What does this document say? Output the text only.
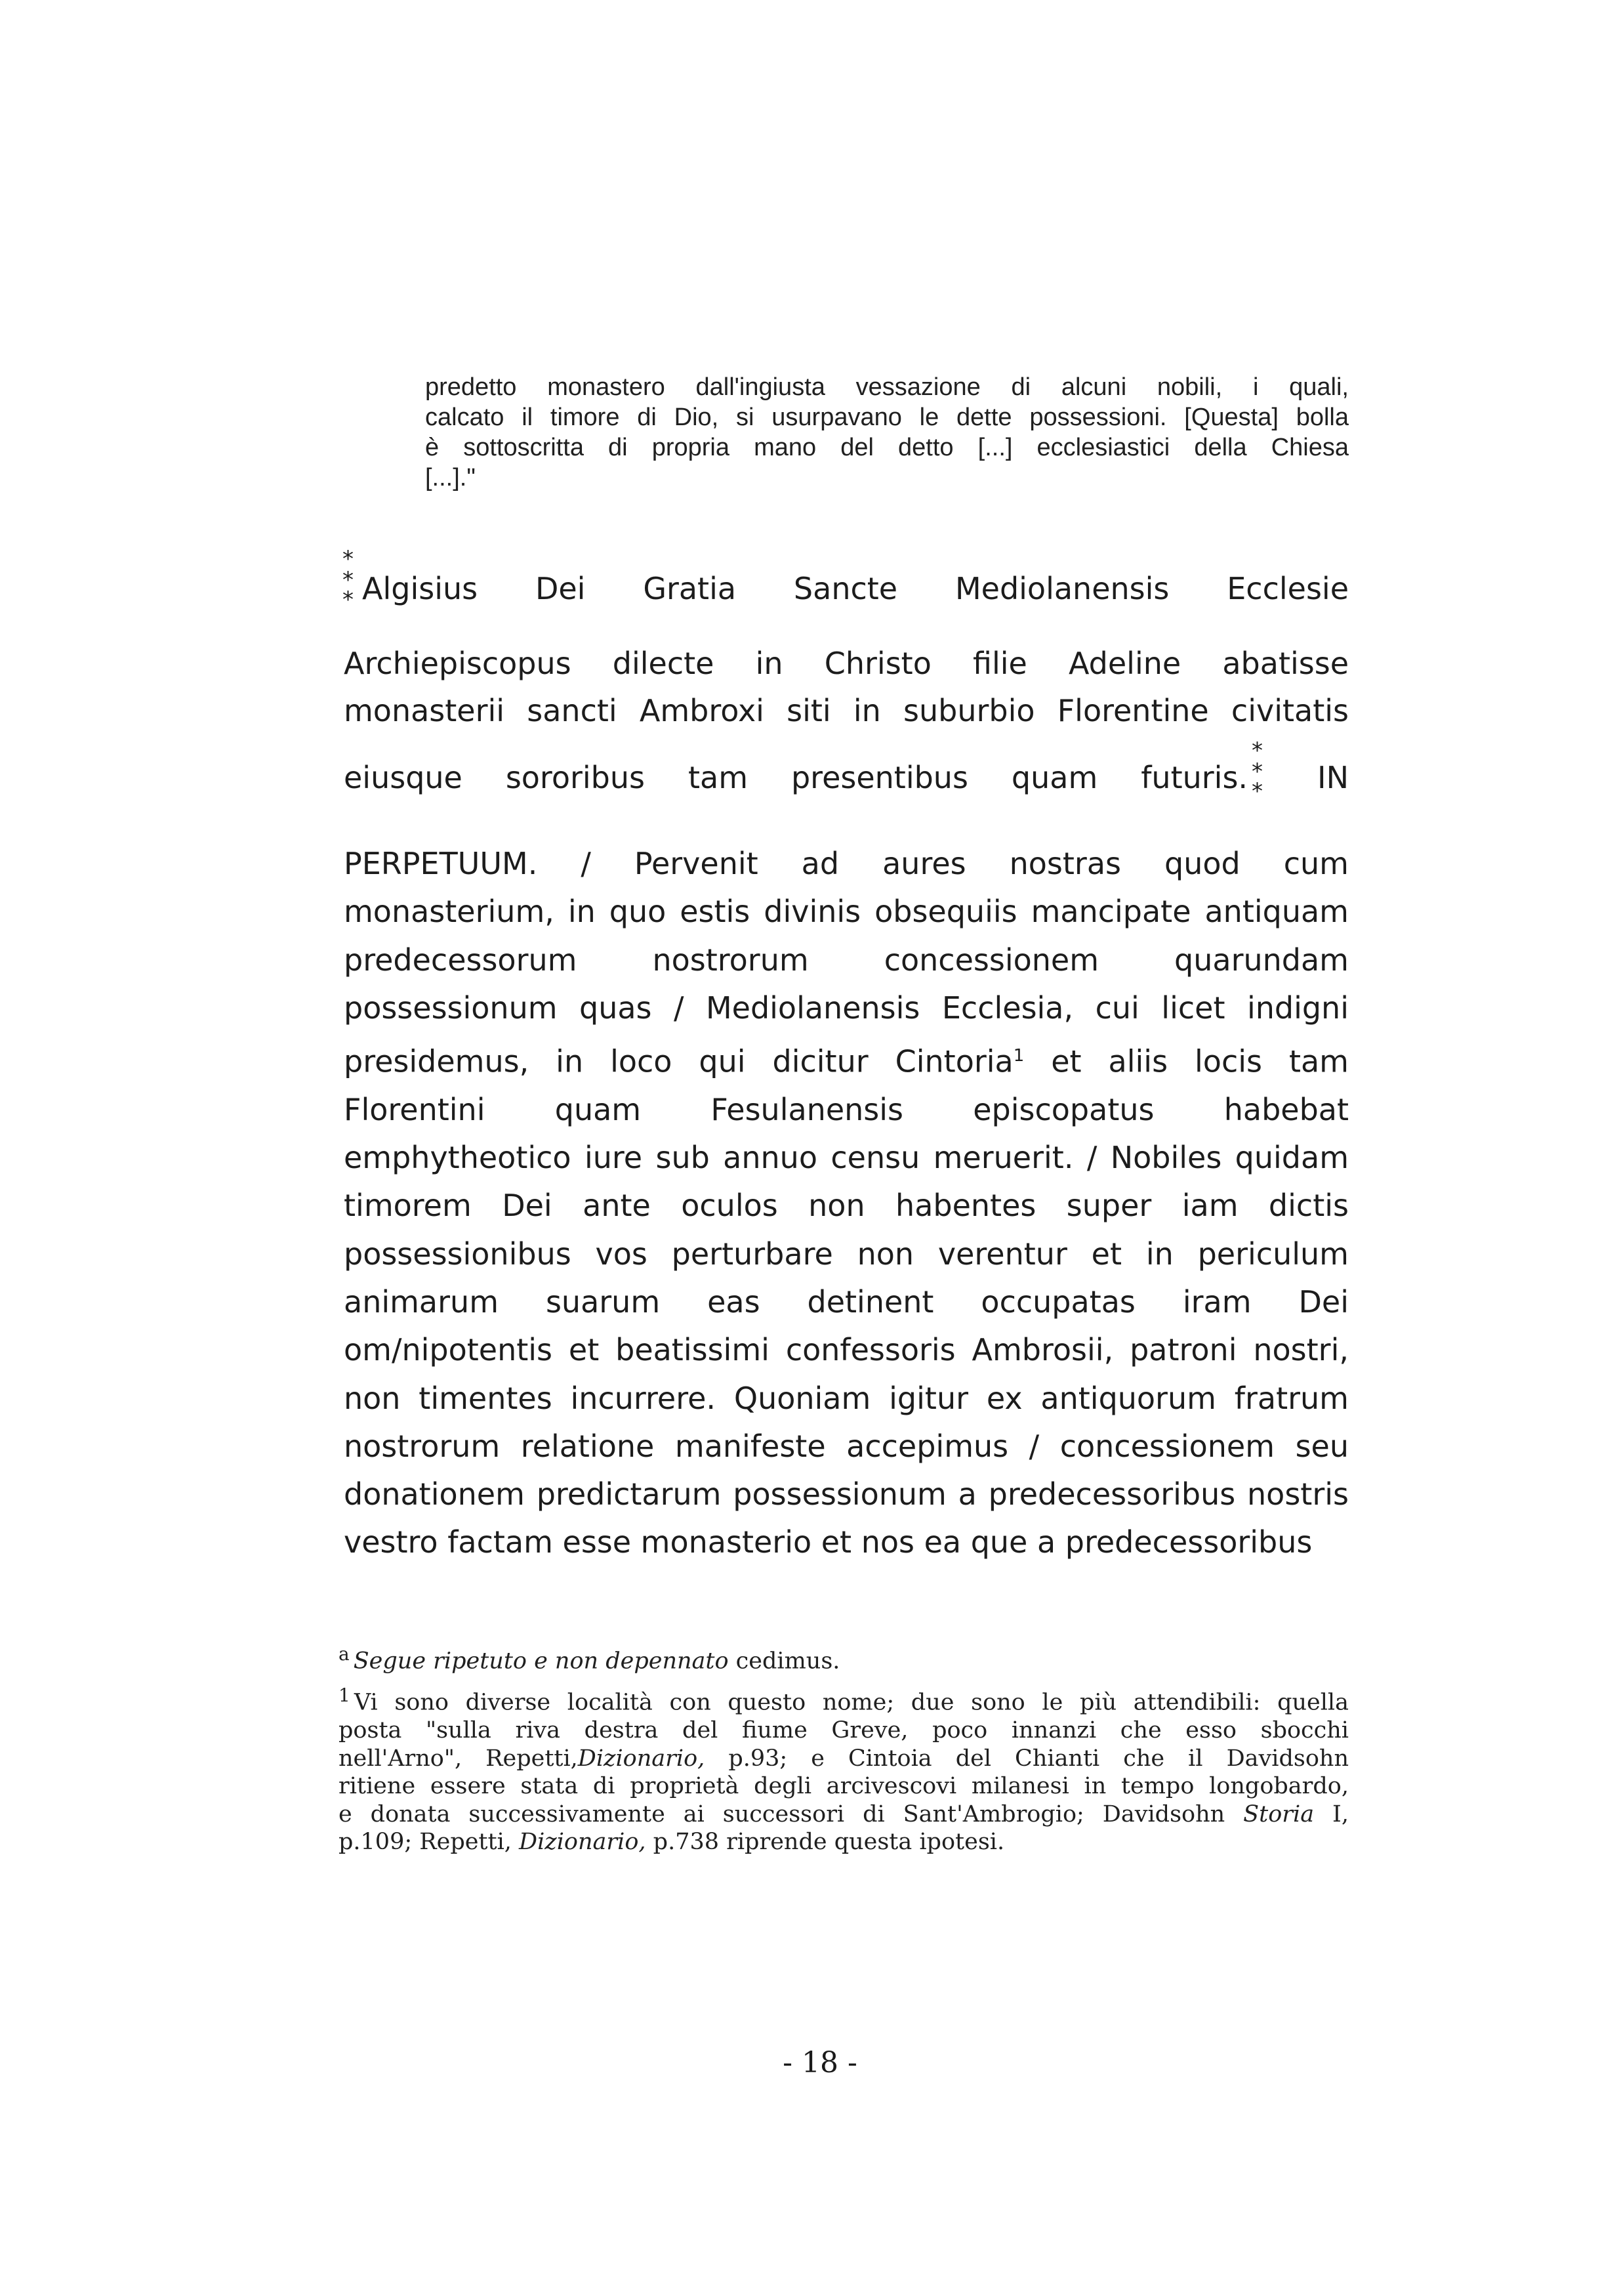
predetto monastero dall'ingiusta vessazione di alcuni nobili, i quali,
calcato il timore di Dio, si usurpavano le dette possessioni. [Questa] bolla
è sottoscritta di propria mano del detto [...] ecclesiastici della Chiesa
[...]."
*
*
* Algisius Dei Gratia Sancte Mediolanensis Ecclesie
Archiepiscopus dilecte in Christo filie Adeline abatisse
monasterii sancti Ambroxi siti in suburbio Florentine civitatis
eiusque sororibus tam presentibus quam futuris.
*
*
* IN
PERPETUUM. / Pervenit ad aures nostras quod cum
monasterium, in quo estis divinis obsequiis mancipate antiquam
predecessorum nostrorum concessionem quarundam
possessionum quas / Mediolanensis Ecclesia, cui licet indigni
presidemus, in loco qui dicitur Cintoria$^1$ et aliis locis tam
Florentini quam Fesulanensis episcopatus habebat
emphytheotico iure sub annuo censu meruerit. / Nobiles quidam
timorem Dei ante oculos non habentes super iam dictis
possessionibus vos perturbare non verentur et in periculum
animarum suarum eas detinent occupatas iram Dei
om/nipotentis et beatissimi confessoris Ambrosii, patroni nostri,
non timentes incurrere. Quoniam igitur ex antiquorum fratrum
nostrorum relatione manifeste accepimus / concessionem seu
donationem predictarum possessionum a predecessoribus nostris
vestro factam esse monasterio et nos ea que a predecessoribus
$^a$ Segue ripetuto e non depennato cedimus.
$^1$ Vi sono diverse località con questo nome; due sono le più attendibili: quella
posta "sulla riva destra del fiume Greve, poco innanzi che esso sbocchi
nell'Arno", Repetti,Dizionario, p.93; e Cintoia del Chianti che il Davidsohn
ritiene essere stata di proprietà degli arcivescovi milanesi in tempo longobardo,
e donata successivamente ai successori di Sant'Ambrogio; Davidsohn Storia I,
p.109; Repetti, Dizionario, p.738 riprende questa ipotesi.
- 18 -
